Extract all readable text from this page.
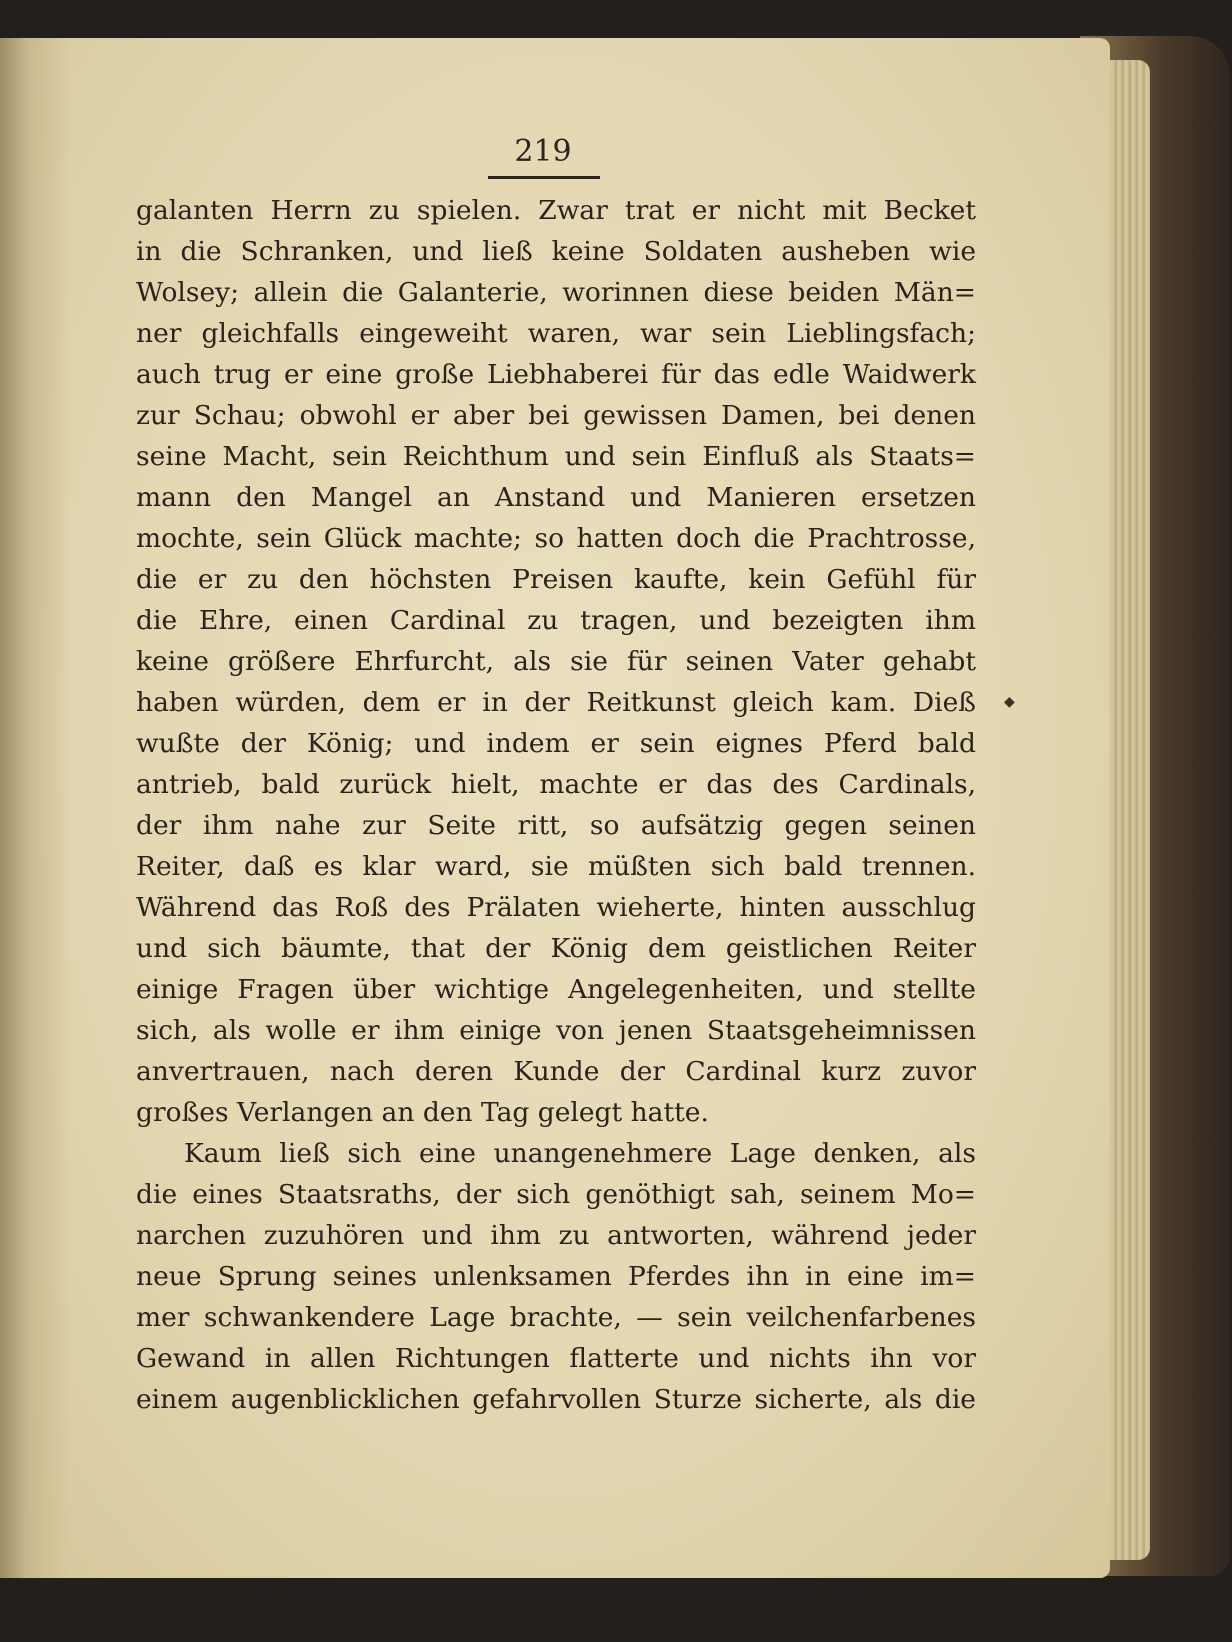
219
◆
galanten Herrn zu spielen. Zwar trat er nicht mit Becket
in die Schranken, und ließ keine Soldaten ausheben wie
Wolsey; allein die Galanterie, worinnen diese beiden Män=
ner gleichfalls eingeweiht waren, war sein Lieblingsfach;
auch trug er eine große Liebhaberei für das edle Waidwerk
zur Schau; obwohl er aber bei gewissen Damen, bei denen
seine Macht, sein Reichthum und sein Einfluß als Staats=
mann den Mangel an Anstand und Manieren ersetzen
mochte, sein Glück machte; so hatten doch die Prachtrosse,
die er zu den höchsten Preisen kaufte, kein Gefühl für
die Ehre, einen Cardinal zu tragen, und bezeigten ihm
keine größere Ehrfurcht, als sie für seinen Vater gehabt
haben würden, dem er in der Reitkunst gleich kam. Dieß
wußte der König; und indem er sein eignes Pferd bald
antrieb, bald zurück hielt, machte er das des Cardinals,
der ihm nahe zur Seite ritt, so aufsätzig gegen seinen
Reiter, daß es klar ward, sie müßten sich bald trennen.
Während das Roß des Prälaten wieherte, hinten ausschlug
und sich bäumte, that der König dem geistlichen Reiter
einige Fragen über wichtige Angelegenheiten, und stellte
sich, als wolle er ihm einige von jenen Staatsgeheimnissen
anvertrauen, nach deren Kunde der Cardinal kurz zuvor
großes Verlangen an den Tag gelegt hatte.
Kaum ließ sich eine unangenehmere Lage denken, als
die eines Staatsraths, der sich genöthigt sah, seinem Mo=
narchen zuzuhören und ihm zu antworten, während jeder
neue Sprung seines unlenksamen Pferdes ihn in eine im=
mer schwankendere Lage brachte, — sein veilchenfarbenes
Gewand in allen Richtungen flatterte und nichts ihn vor
einem augenblicklichen gefahrvollen Sturze sicherte, als die
